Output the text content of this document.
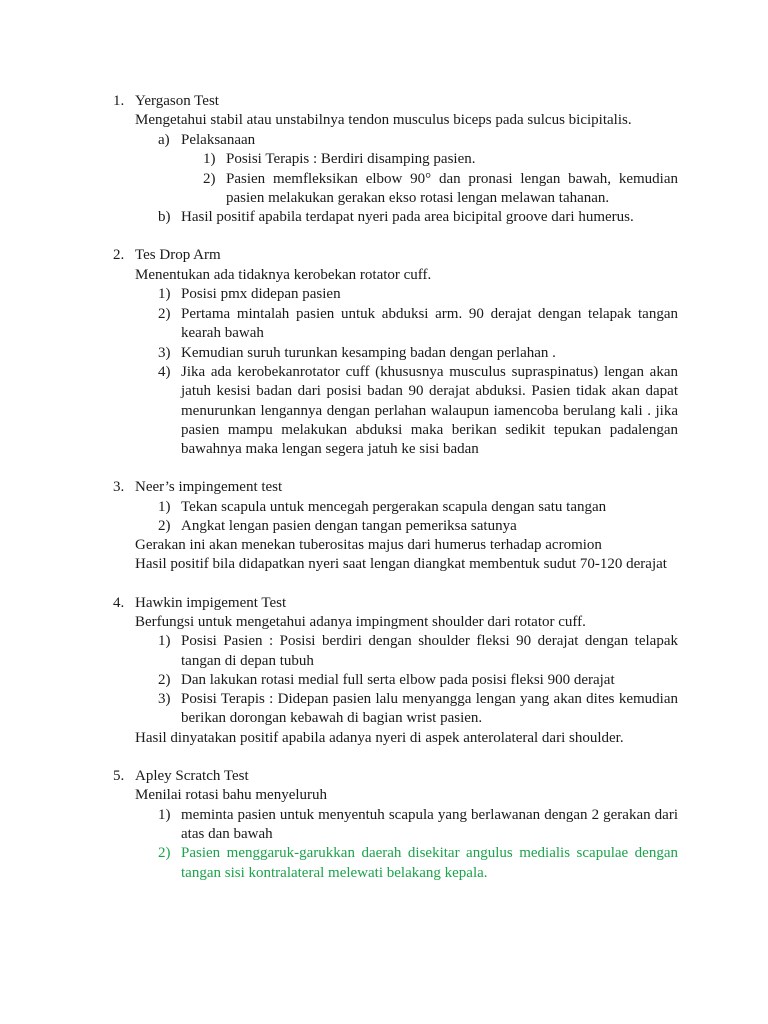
1. Yergason Test
Mengetahui stabil atau unstabilnya tendon musculus biceps pada sulcus bicipitalis.
a) Pelaksanaan
1) Posisi Terapis : Berdiri disamping pasien.
2) Pasien memfleksikan elbow 90° dan pronasi lengan bawah, kemudian
pasien melakukan gerakan ekso rotasi lengan melawan tahanan.
b) Hasil positif apabila terdapat nyeri pada area bicipital groove dari humerus.
2. Tes Drop Arm
Menentukan ada tidaknya kerobekan rotator cuff.
1) Posisi pmx didepan pasien
2) Pertama mintalah pasien untuk abduksi arm. 90 derajat dengan telapak tangan
kearah bawah
3) Kemudian suruh turunkan kesamping badan dengan perlahan .
4) Jika ada kerobekanrotator cuff (khususnya musculus supraspinatus) lengan akan
jatuh kesisi badan dari posisi badan 90 derajat abduksi. Pasien tidak akan dapat
menurunkan lengannya dengan perlahan walaupun iamencoba berulang kali . jika
pasien mampu melakukan abduksi maka berikan sedikit tepukan padalengan
bawahnya maka lengan segera jatuh ke sisi badan
3. Neer’s impingement test
1) Tekan scapula untuk mencegah pergerakan scapula dengan satu tangan
2) Angkat lengan pasien dengan tangan pemeriksa satunya
Gerakan ini akan menekan tuberositas majus dari humerus terhadap acromion
Hasil positif bila didapatkan nyeri saat lengan diangkat membentuk sudut 70-120 derajat
4. Hawkin impigement Test
Berfungsi untuk mengetahui adanya impingment shoulder dari rotator cuff.
1) Posisi Pasien : Posisi berdiri dengan shoulder fleksi 90 derajat dengan telapak
tangan di depan tubuh
2) Dan lakukan rotasi medial full serta elbow pada posisi fleksi 900 derajat
3) Posisi Terapis : Didepan pasien lalu menyangga lengan yang akan dites kemudian
berikan dorongan kebawah di bagian wrist pasien.
Hasil dinyatakan positif apabila adanya nyeri di aspek anterolateral dari shoulder.
5. Apley Scratch Test
Menilai rotasi bahu menyeluruh
1) meminta pasien untuk menyentuh scapula yang berlawanan dengan 2 gerakan dari
atas dan bawah
2) Pasien menggaruk-garukkan daerah disekitar angulus medialis scapulae dengan
tangan sisi kontralateral melewati belakang kepala.
